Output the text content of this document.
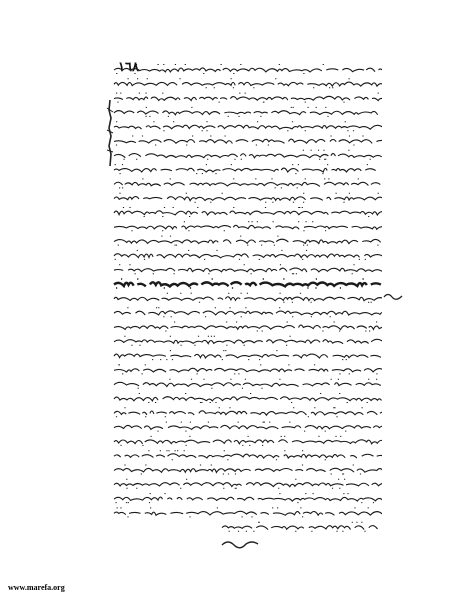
١٦٨
www.marefa.org
